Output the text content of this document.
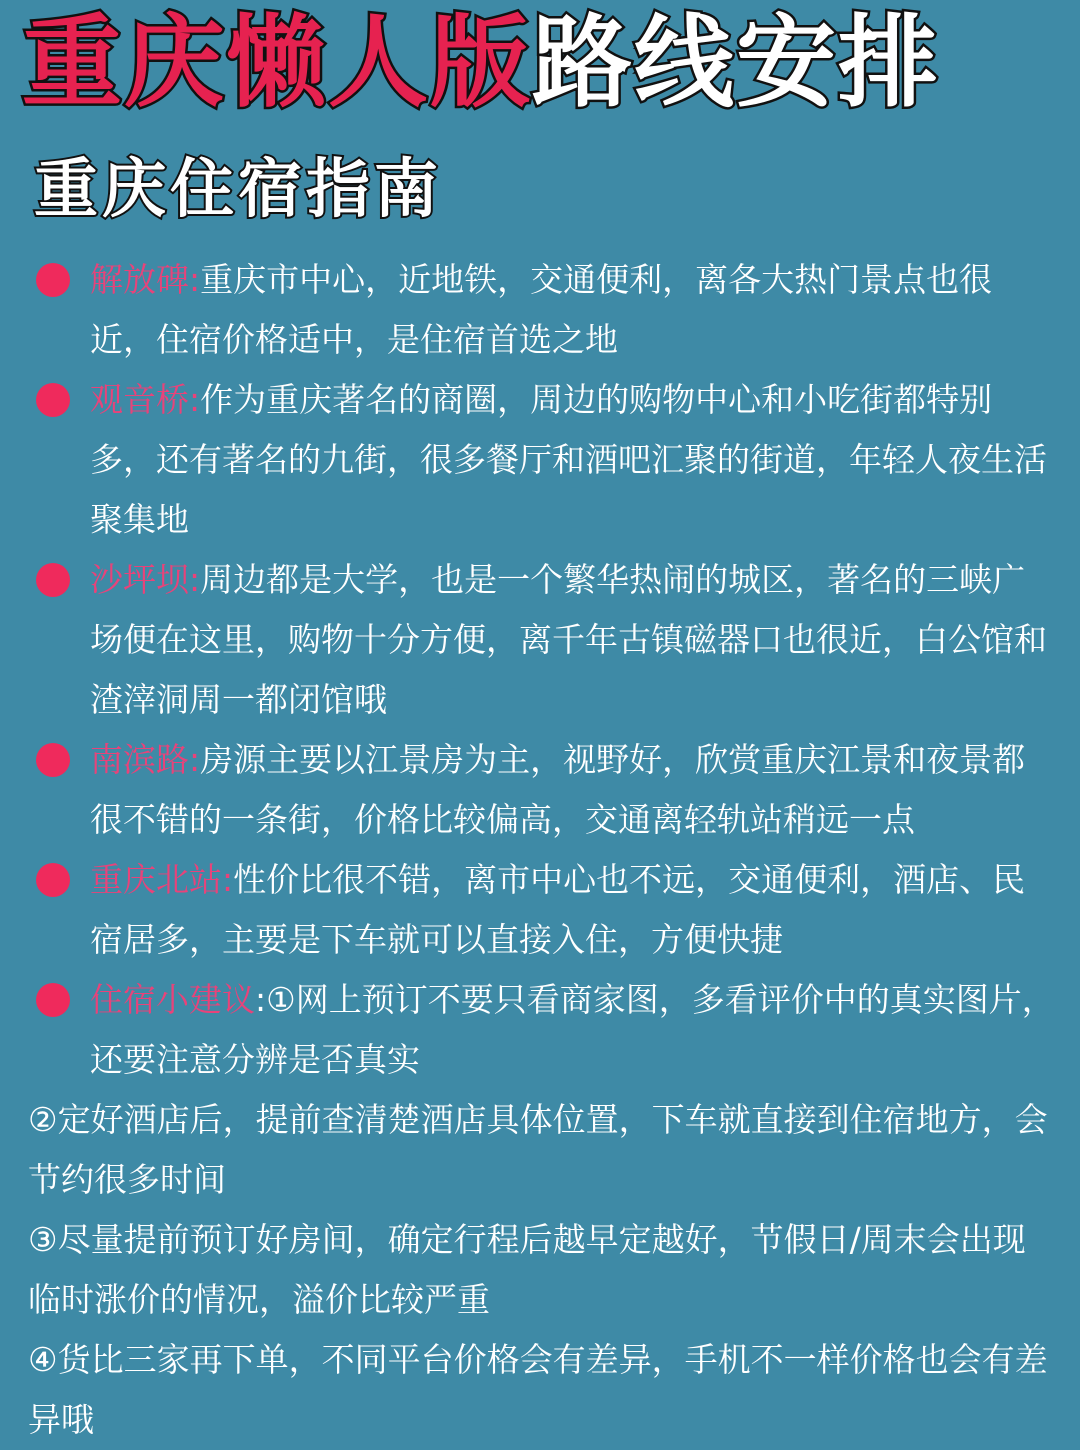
重庆懒人版路线安排
重庆住宿指南
解放碑:重庆市中心，近地铁，交通便利，离各大热门景点也很近，住宿价格适中，是住宿首选之地
观音桥:作为重庆著名的商圈，周边的购物中心和小吃街都特别多，还有著名的九街，很多餐厅和酒吧汇聚的街道，年轻人夜生活聚集地
沙坪坝:周边都是大学，也是一个繁华热闹的城区，著名的三峡广场便在这里，购物十分方便，离千年古镇磁器口也很近，白公馆和渣滓洞周一都闭馆哦
南滨路:房源主要以江景房为主，视野好，欣赏重庆江景和夜景都很不错的一条街，价格比较偏高，交通离轻轨站稍远一点
重庆北站:性价比很不错，离市中心也不远，交通便利，酒店、民宿居多，主要是下车就可以直接入住，方便快捷
住宿小建议:①网上预订不要只看商家图，多看评价中的真实图片，还要注意分辨是否真实
②定好酒店后，提前查清楚酒店具体位置，下车就直接到住宿地方，会节约很多时间
③尽量提前预订好房间，确定行程后越早定越好，节假日/周末会出现临时涨价的情况，溢价比较严重
④货比三家再下单，不同平台价格会有差异，手机不一样价格也会有差异哦
